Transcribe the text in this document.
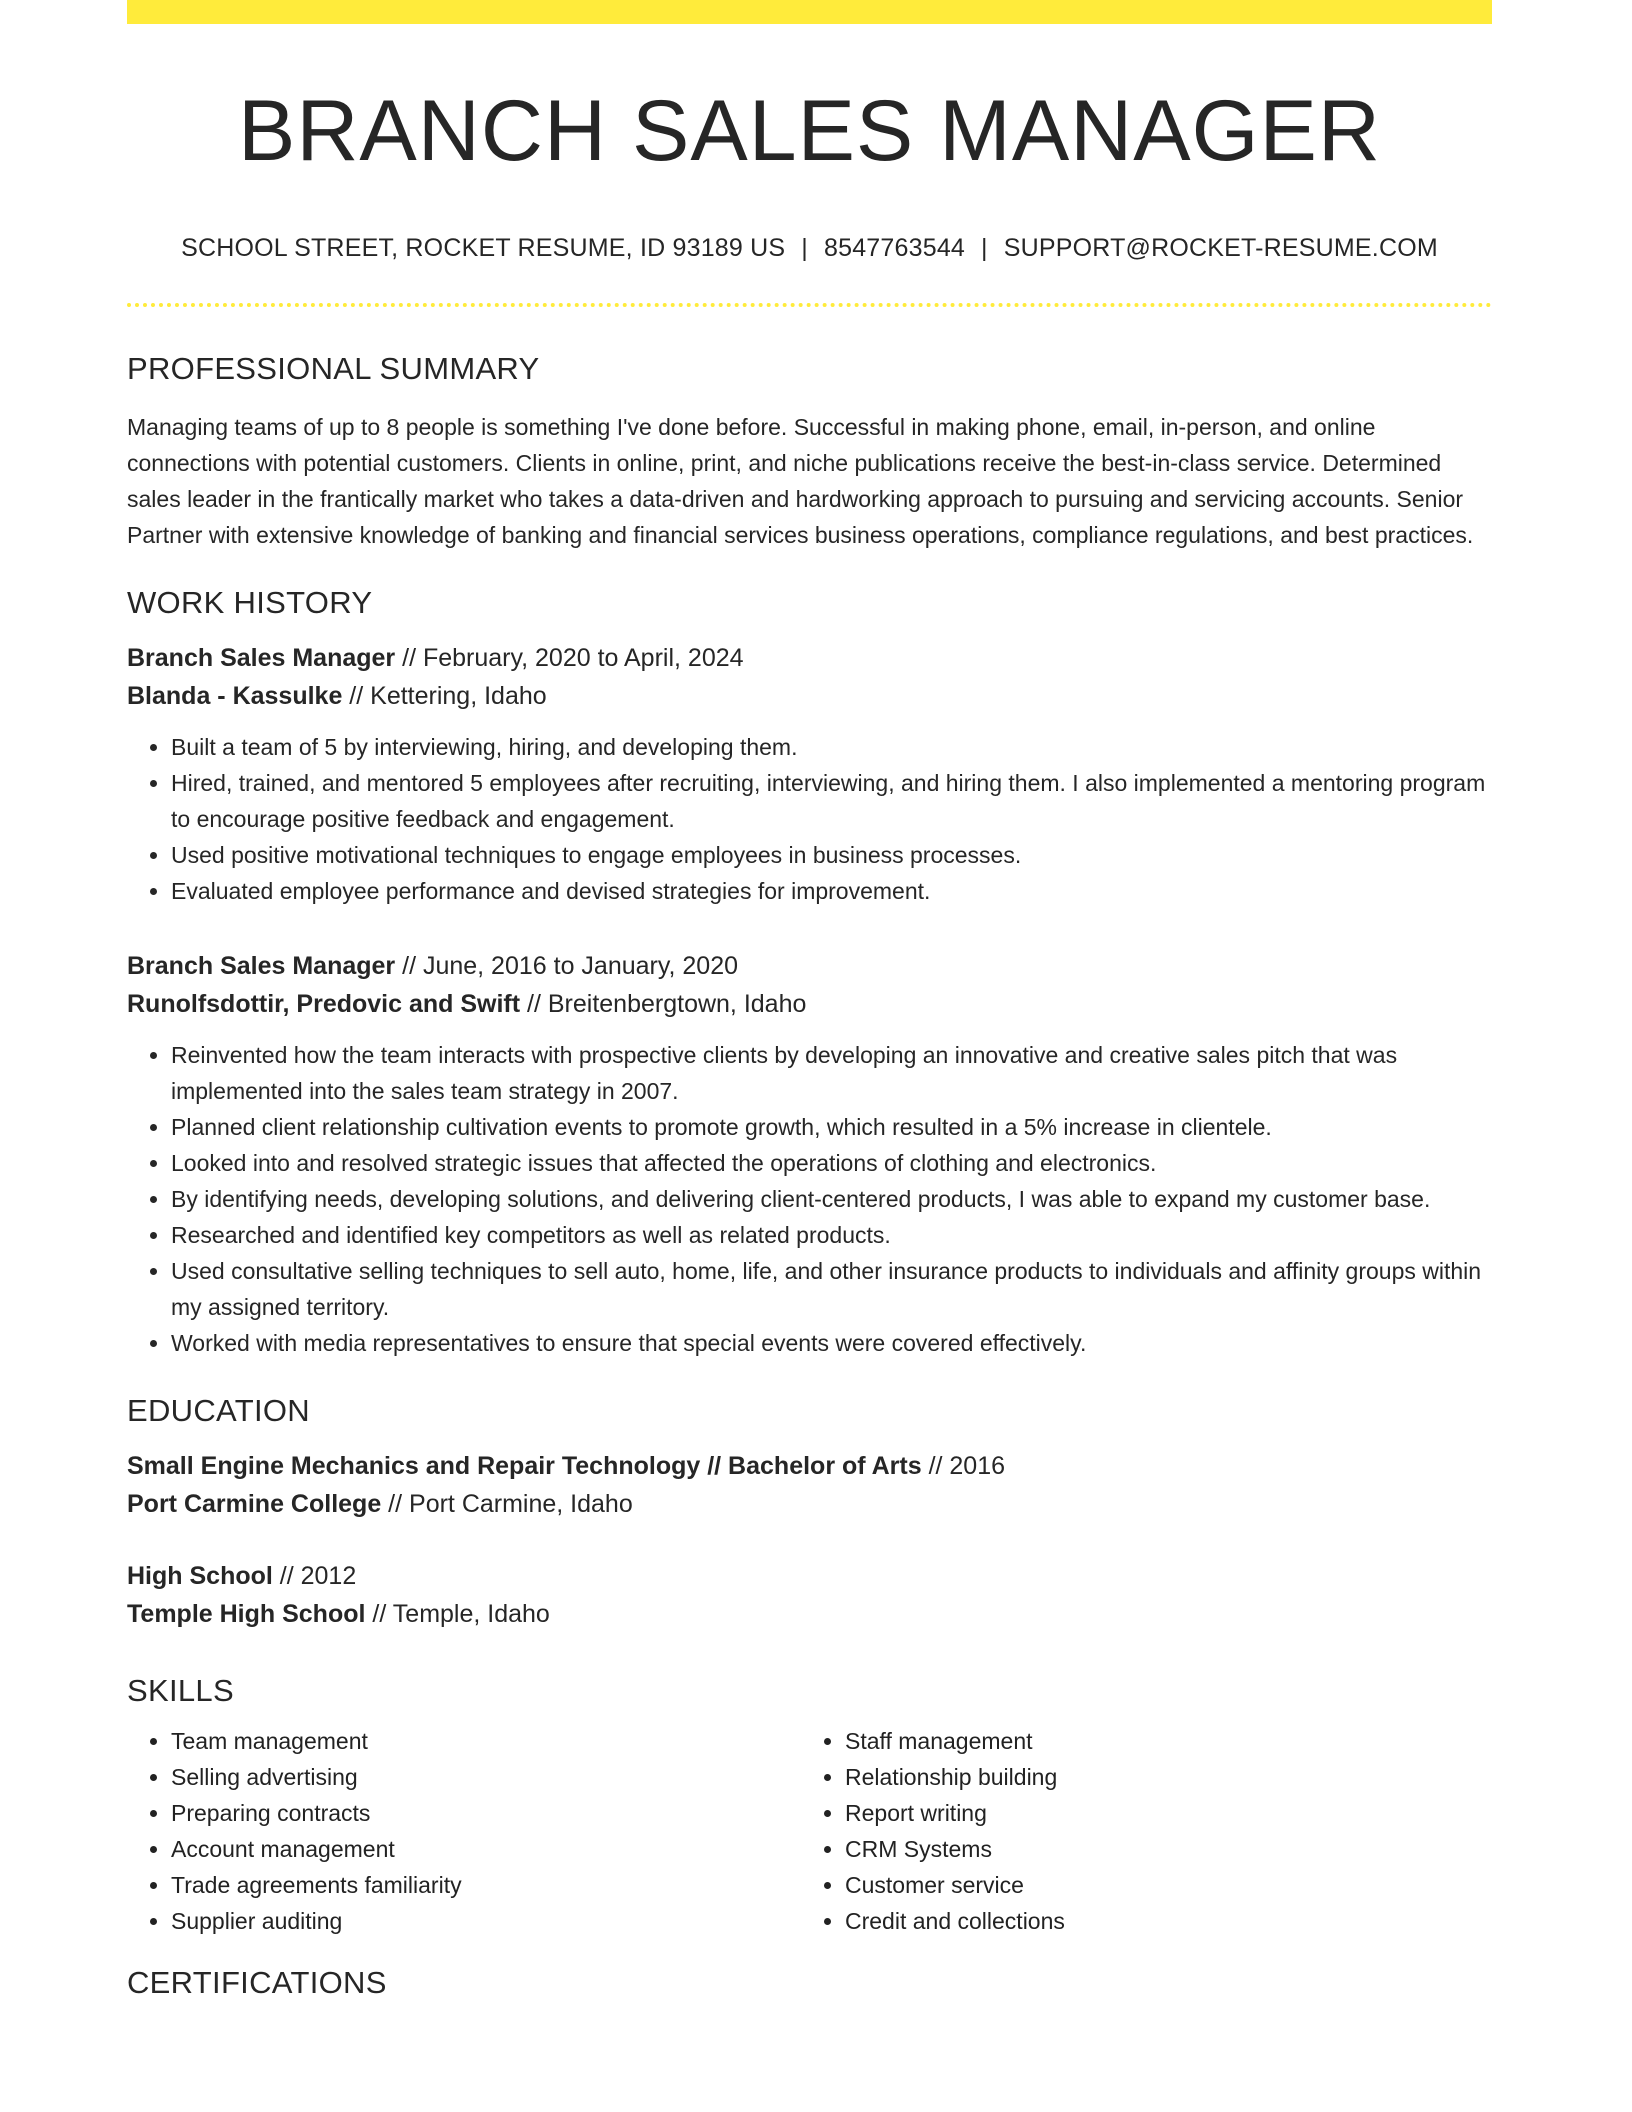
BRANCH SALES MANAGER
SCHOOL STREET, ROCKET RESUME, ID 93189 US | 8547763544 | SUPPORT@ROCKET-RESUME.COM
PROFESSIONAL SUMMARY
Managing teams of up to 8 people is something I've done before. Successful in making phone, email, in-person, and online connections with potential customers. Clients in online, print, and niche publications receive the best-in-class service. Determined sales leader in the frantically market who takes a data-driven and hardworking approach to pursuing and servicing accounts. Senior Partner with extensive knowledge of banking and financial services business operations, compliance regulations, and best practices.
WORK HISTORY
Branch Sales Manager // February, 2020 to April, 2024
Blanda - Kassulke // Kettering, Idaho
• Built a team of 5 by interviewing, hiring, and developing them.
• Hired, trained, and mentored 5 employees after recruiting, interviewing, and hiring them. I also implemented a mentoring program to encourage positive feedback and engagement.
• Used positive motivational techniques to engage employees in business processes.
• Evaluated employee performance and devised strategies for improvement.
Branch Sales Manager // June, 2016 to January, 2020
Runolfsdottir, Predovic and Swift // Breitenbergtown, Idaho
• Reinvented how the team interacts with prospective clients by developing an innovative and creative sales pitch that was implemented into the sales team strategy in 2007.
• Planned client relationship cultivation events to promote growth, which resulted in a 5% increase in clientele.
• Looked into and resolved strategic issues that affected the operations of clothing and electronics.
• By identifying needs, developing solutions, and delivering client-centered products, I was able to expand my customer base.
• Researched and identified key competitors as well as related products.
• Used consultative selling techniques to sell auto, home, life, and other insurance products to individuals and affinity groups within my assigned territory.
• Worked with media representatives to ensure that special events were covered effectively.
EDUCATION
Small Engine Mechanics and Repair Technology // Bachelor of Arts // 2016
Port Carmine College // Port Carmine, Idaho
High School // 2012
Temple High School // Temple, Idaho
SKILLS
• Team management
• Selling advertising
• Preparing contracts
• Account management
• Trade agreements familiarity
• Supplier auditing
• Staff management
• Relationship building
• Report writing
• CRM Systems
• Customer service
• Credit and collections
CERTIFICATIONS
